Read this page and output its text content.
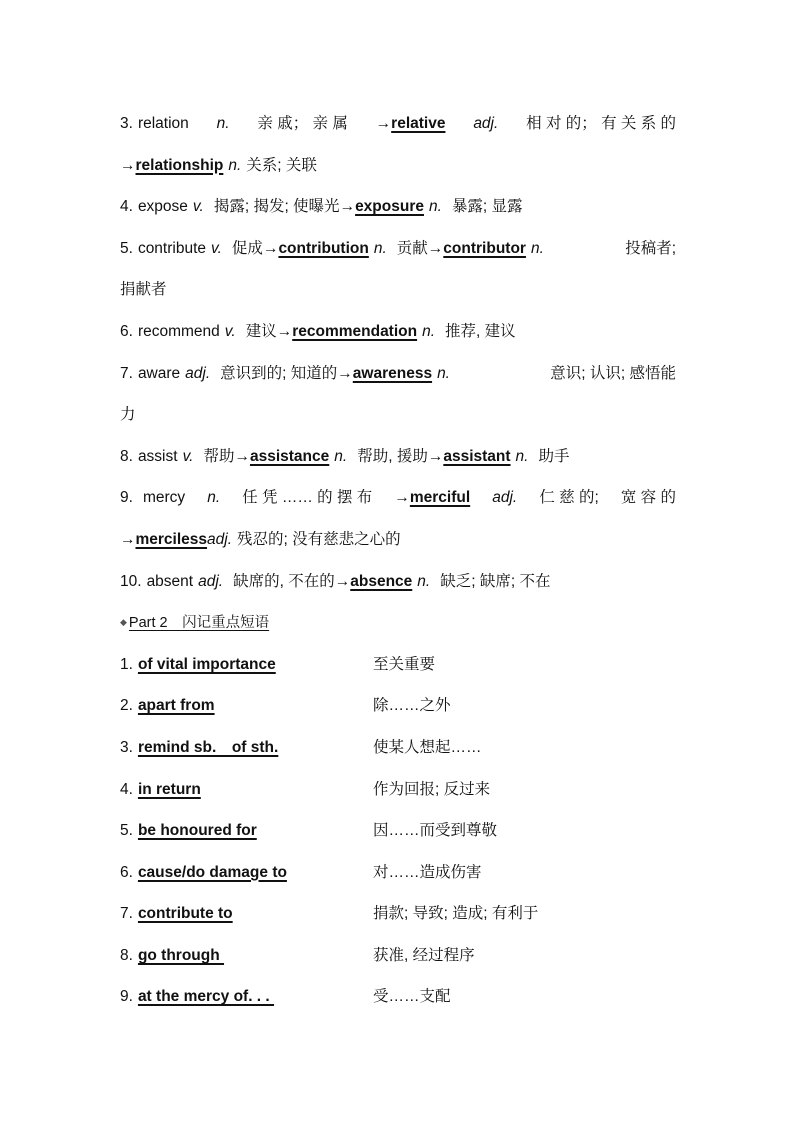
3. relation n. 亲 戚； 亲 属 →relative adj. 相 对 的； 有 关 系 的
→relationship n. 关系; 关联
4. expose v. 揭露; 揭发; 使曝光→exposure n. 暴露; 显露
5. contribute v. 促成→contribution n. 贡献→contributor n.	投稿者;
捐献者
6. recommend v. 建议→recommendation n. 推荐, 建议
7. aware adj. 意识到的; 知道的→awareness n.	意识; 认识; 感悟能
力
8. assist v. 帮助→assistance n. 帮助, 援助→assistant n. 助手
9. mercy n. 任 凭 …… 的 摆 布 →merciful adj. 仁 慈 的; 宽 容 的
→mercilessadj. 残忍的; 没有慈悲之心的
10. absent adj. 缺席的, 不在的→absence n. 缺乏; 缺席; 不在
◆ Part 2　闪记重点短语
1. of vital importance	至关重要
2. apart from	除……之外
3. remind sb.　of sth.	使某人想起……
4. in return	作为回报; 反过来
5. be honoured for	因……而受到尊敬
6. cause/do damage to	对……造成伤害
7. contribute to	捐款; 导致; 造成; 有利于
8. go through	获准, 经过程序
9. at the mercy of. . .	受……支配
